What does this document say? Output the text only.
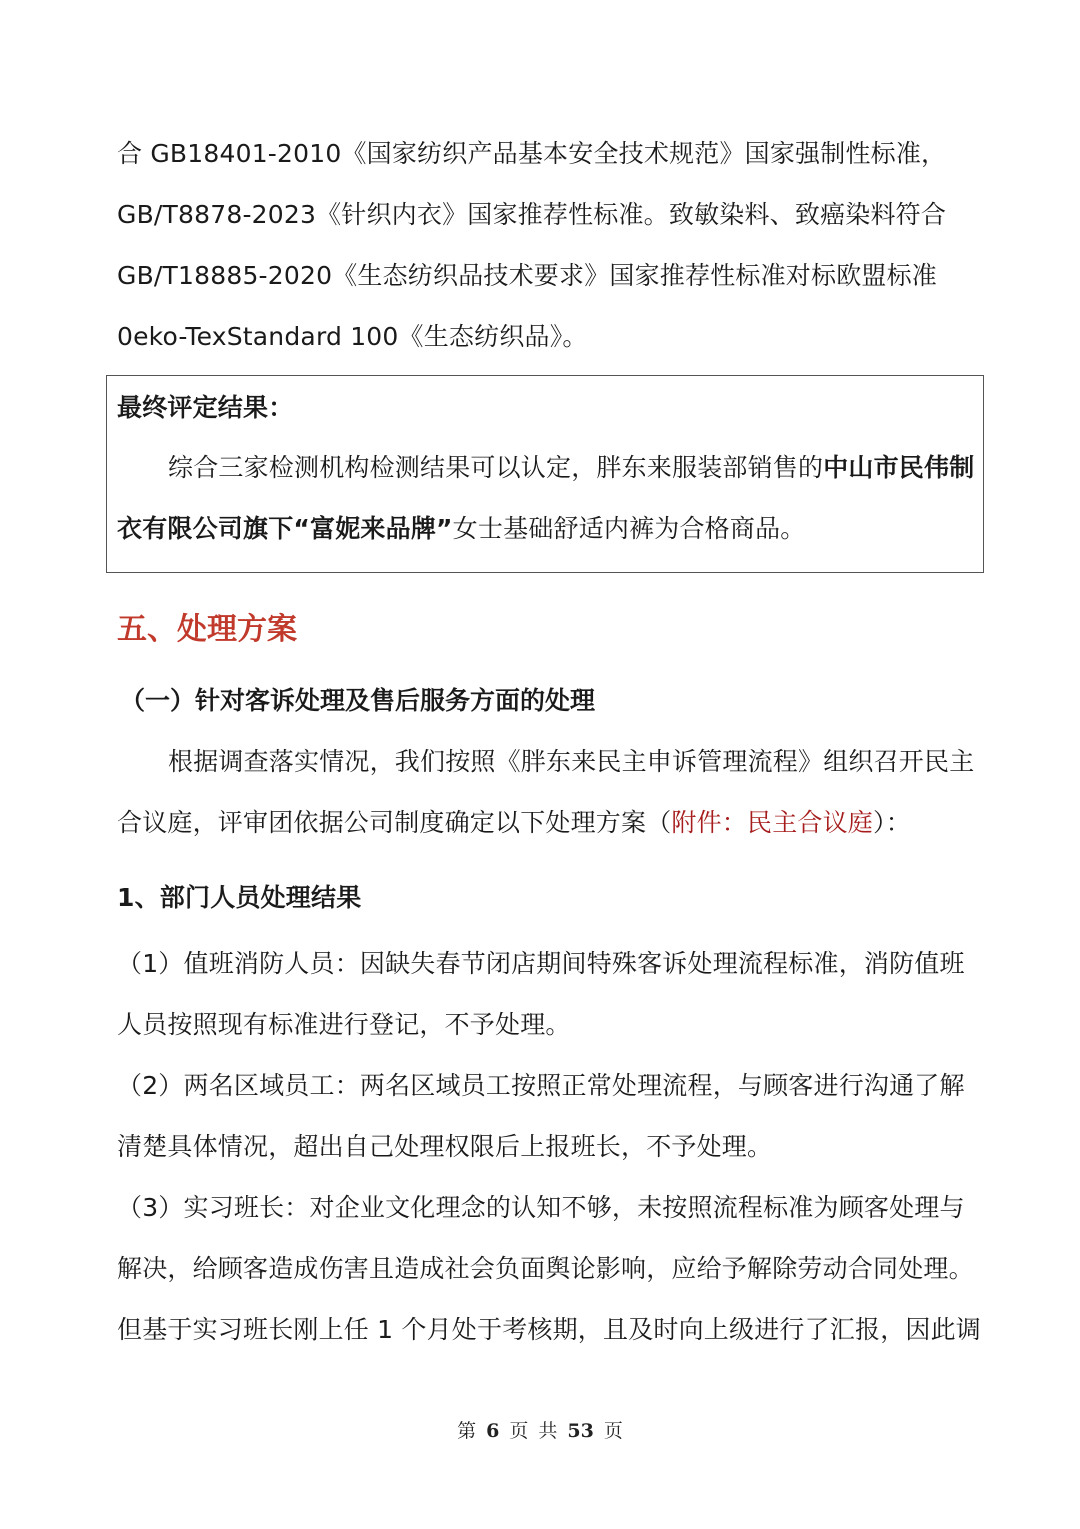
合 GB18401-2010《国家纺织产品基本安全技术规范》国家强制性标准，
GB/T8878-2023《针织内衣》国家推荐性标准。致敏染料、致癌染料符合
GB/T18885-2020《生态纺织品技术要求》国家推荐性标准对标欧盟标准
0eko-TexStandard 100《生态纺织品》。
最终评定结果：
综合三家检测机构检测结果可以认定，胖东来服装部销售的中山市民伟制
衣有限公司旗下“富妮来品牌”女士基础舒适内裤为合格商品。
五、处理方案
（一）针对客诉处理及售后服务方面的处理
根据调查落实情况，我们按照《胖东来民主申诉管理流程》组织召开民主
合议庭，评审团依据公司制度确定以下处理方案（附件：民主合议庭）：
1、部门人员处理结果
（1）值班消防人员：因缺失春节闭店期间特殊客诉处理流程标准，消防值班
人员按照现有标准进行登记，不予处理。
（2）两名区域员工：两名区域员工按照正常处理流程，与顾客进行沟通了解
清楚具体情况，超出自己处理权限后上报班长，不予处理。
（3）实习班长：对企业文化理念的认知不够，未按照流程标准为顾客处理与
解决，给顾客造成伤害且造成社会负面舆论影响，应给予解除劳动合同处理。
但基于实习班长刚上任 1 个月处于考核期，且及时向上级进行了汇报，因此调
第 6 页 共 53 页
